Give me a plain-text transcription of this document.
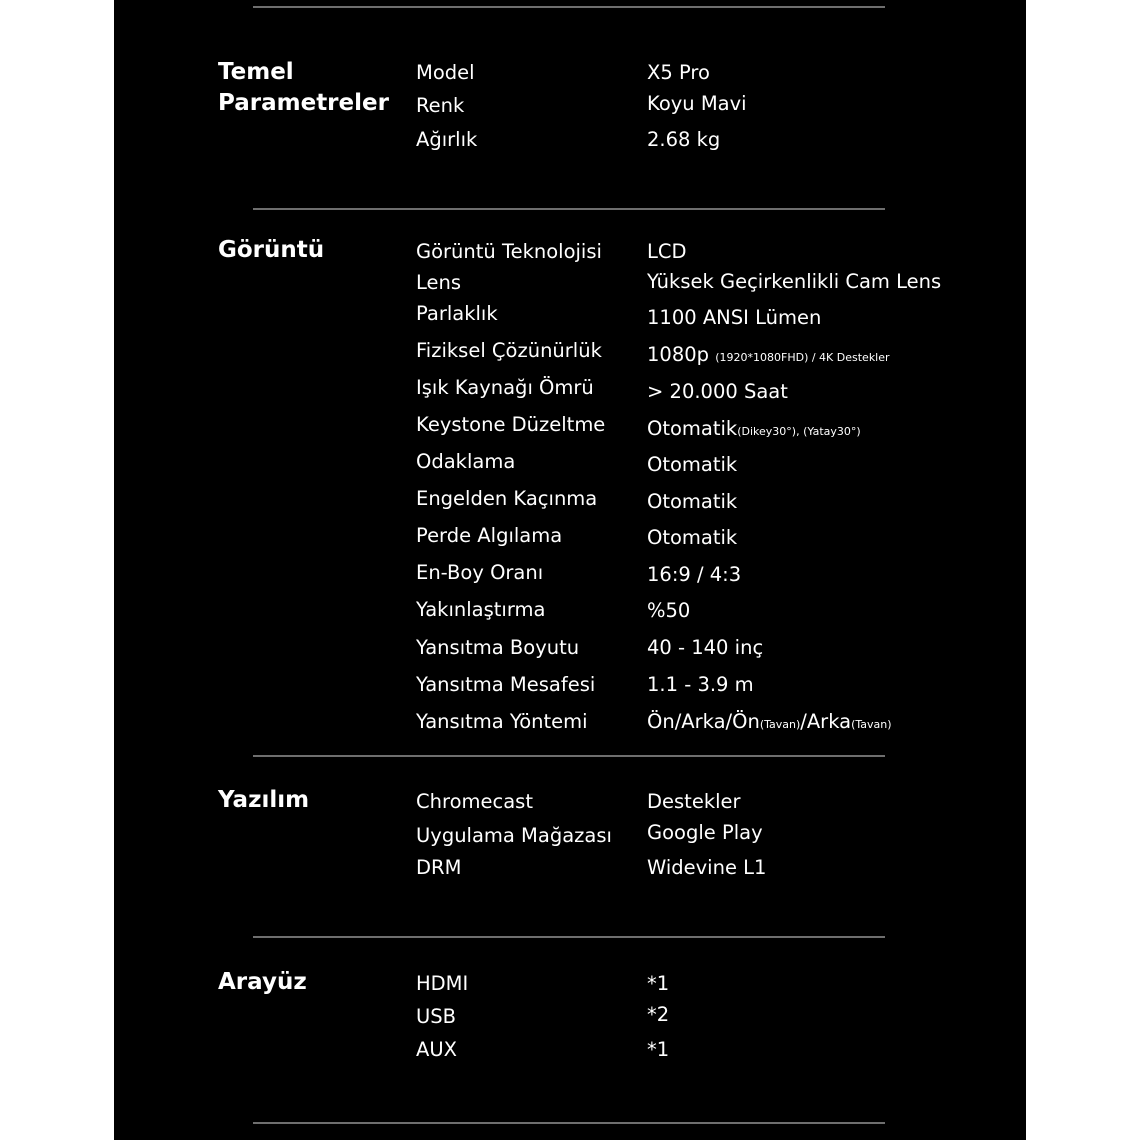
Temel
Parametreler
Model	X5 Pro
Renk	Koyu Mavi
Ağırlık	2.68 kg
Görüntü	Görüntü Teknolojisi	LCD
Lens	Yüksek Geçirkenlikli Cam Lens
Parlaklık	1100 ANSI Lümen
Fiziksel Çözünürlük	1080p (1920*1080FHD) / 4K Destekler
Işık Kaynağı Ömrü	> 20.000 Saat
Keystone Düzeltme	Otomatik(Dikey30°), (Yatay30°)
Odaklama	Otomatik
Engelden Kaçınma	Otomatik
Perde Algılama	Otomatik
En-Boy Oranı	16:9 / 4:3
Yakınlaştırma	%50
Yansıtma Boyutu	40 - 140 inç
Yansıtma Mesafesi	1.1 - 3.9 m
Yansıtma Yöntemi	Ön/Arka/Ön(Tavan)/Arka(Tavan)
Yazılım	Chromecast	Destekler
Uygulama Mağazası	Google Play
DRM	Widevine L1
Arayüz	HDMI	*1
USB	*2
AUX	*1
